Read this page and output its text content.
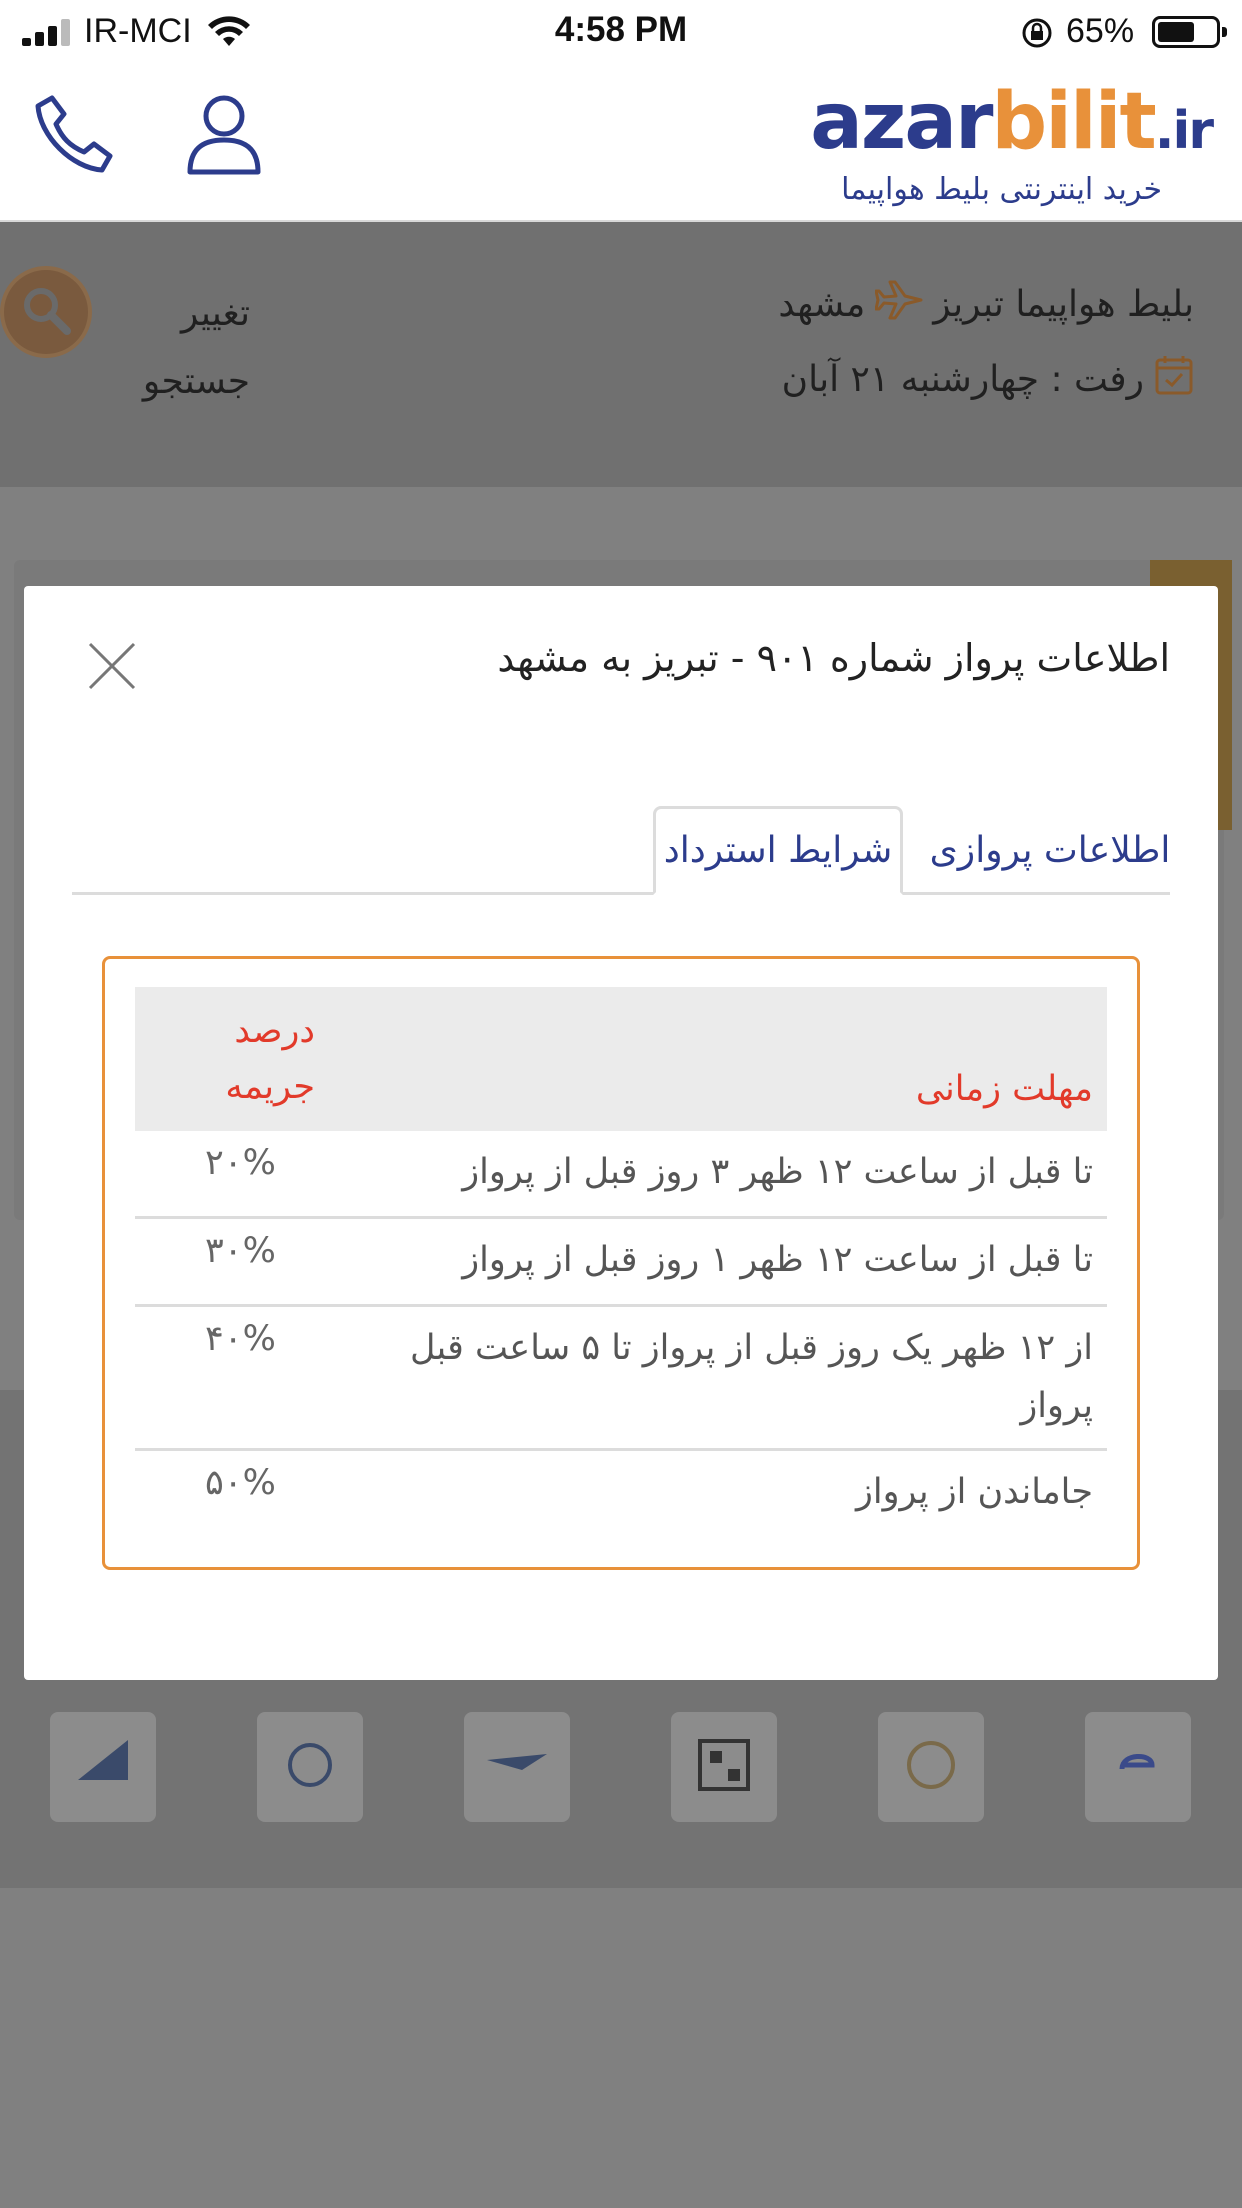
IR-MCI	4:58 PM	65%
azarbilit.ir
خرید اینترنتی بلیط هواپیما
بلیط هواپیما تبریز
مشهد
رفت : چهارشنبه ۲۱ آبان
تغییر جستجو
اطلاعات پرواز شماره ۹۰۱ - تبریز به مشهد
اطلاعات پروازی
شرایط استرداد
مهلت زمانی
درصد جریمه
تا قبل از ساعت ۱۲ ظهر ۳ روز قبل از پرواز
۲۰%
تا قبل از ساعت ۱۲ ظهر ۱ روز قبل از پرواز
۳۰%
از ۱۲ ظهر یک روز قبل از پرواز تا ۵ ساعت قبل پرواز
۴۰%
جاماندن از پرواز
۵۰%
